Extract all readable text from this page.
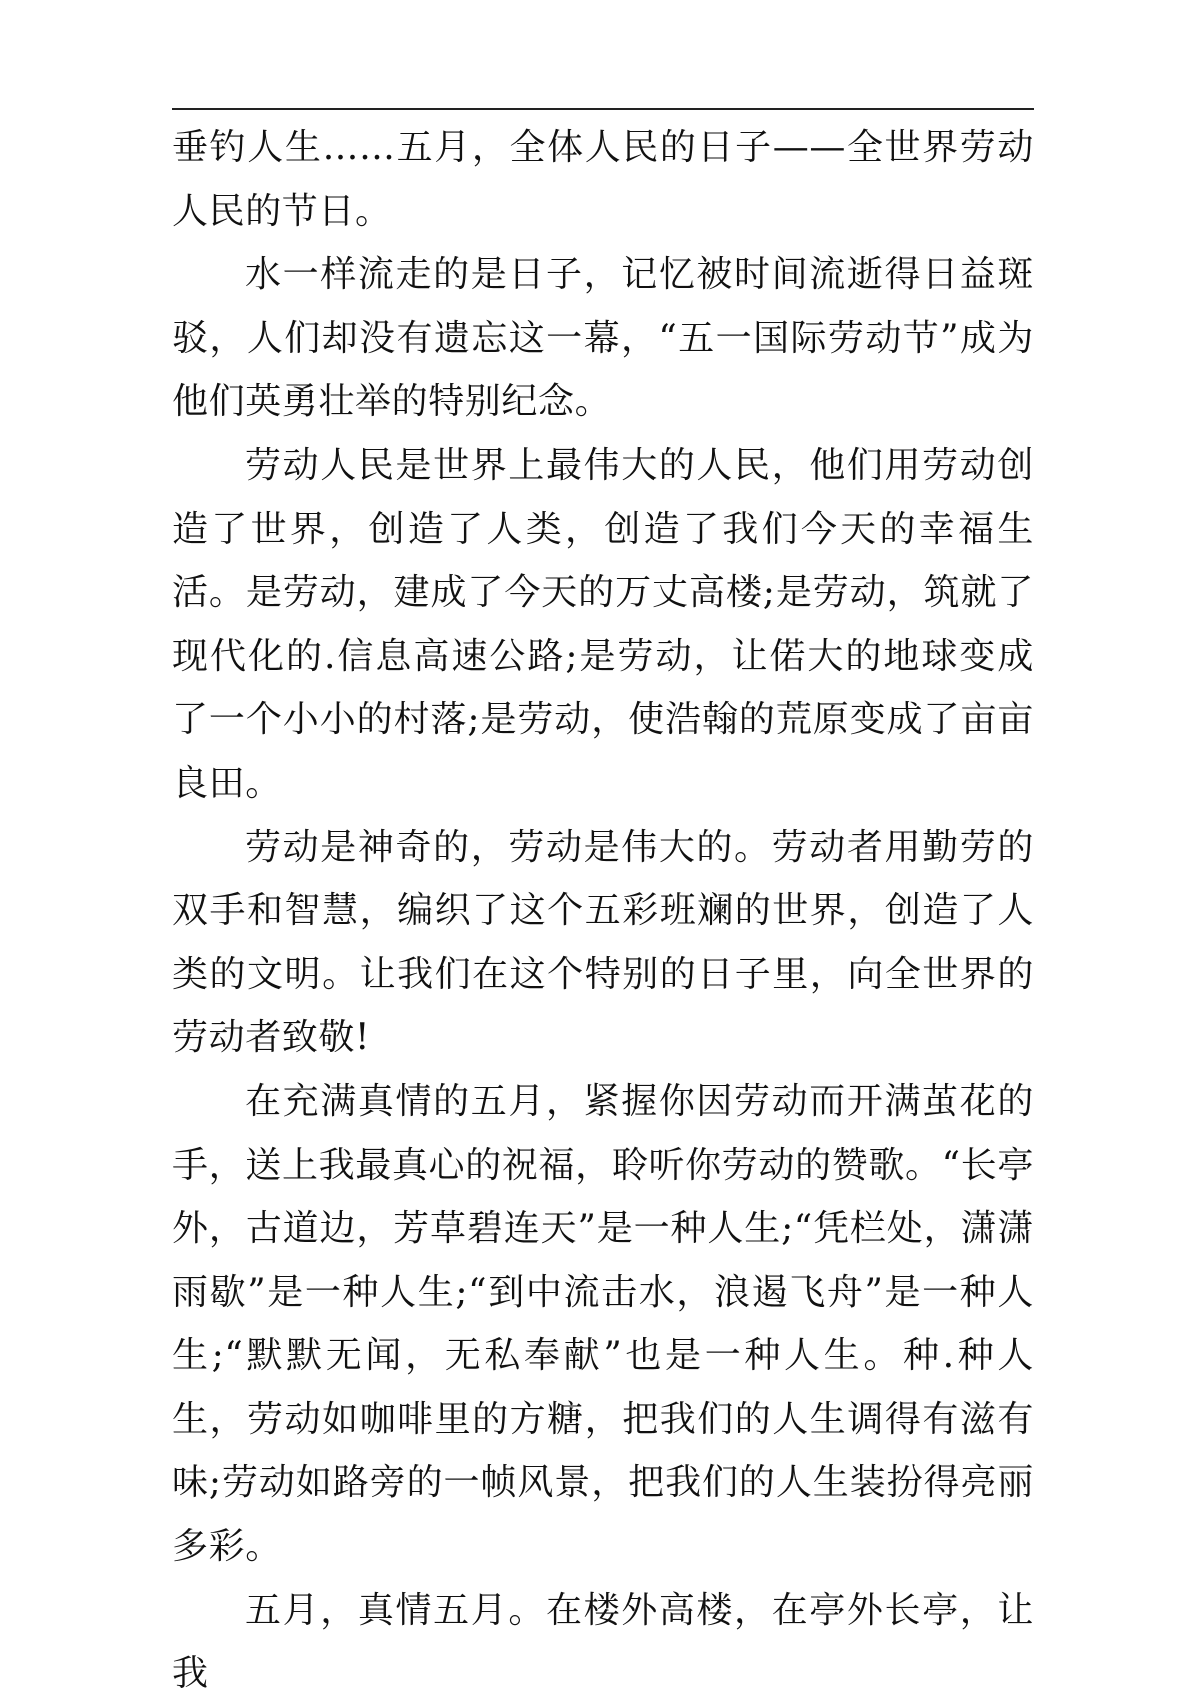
垂钓人生……五月，全体人民的日子——全世界劳动人民的节日。

水一样流走的是日子，记忆被时间流逝得日益斑驳，人们却没有遗忘这一幕，“五一国际劳动节”成为他们英勇壮举的特别纪念。

劳动人民是世界上最伟大的人民，他们用劳动创造了世界，创造了人类，创造了我们今天的幸福生活。是劳动，建成了今天的万丈高楼;是劳动，筑就了现代化的.信息高速公路;是劳动，让偌大的地球变成了一个小小的村落;是劳动，使浩翰的荒原变成了亩亩良田。

劳动是神奇的，劳动是伟大的。劳动者用勤劳的双手和智慧，编织了这个五彩班斓的世界，创造了人类的文明。让我们在这个特别的日子里，向全世界的劳动者致敬!

在充满真情的五月，紧握你因劳动而开满茧花的手，送上我最真心的祝福，聆听你劳动的赞歌。“长亭外，古道边，芳草碧连天”是一种人生;“凭栏处，潇潇雨歇”是一种人生;“到中流击水，浪遏飞舟”是一种人生;“默默无闻，无私奉献”也是一种人生。种.种人生，劳动如咖啡里的方糖，把我们的人生调得有滋有味;劳动如路旁的一帧风景，把我们的人生装扮得亮丽多彩。

五月，真情五月。在楼外高楼，在亭外长亭，让我
